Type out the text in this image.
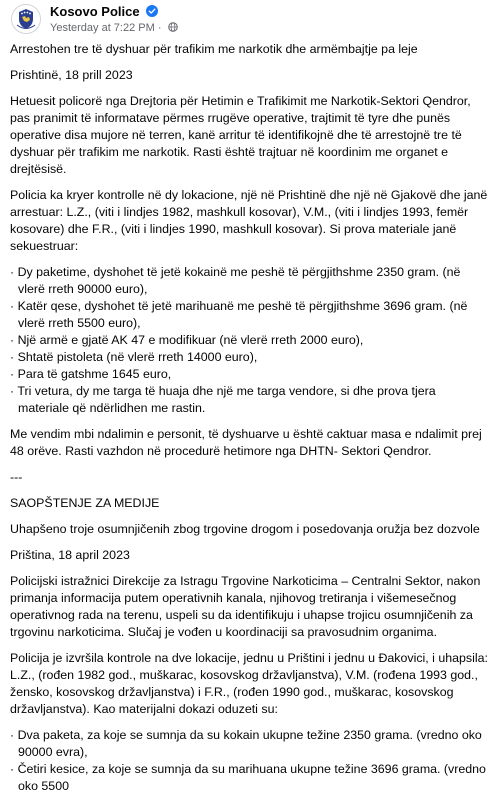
Kosovo Police
Yesterday at 7:22 PM ·

Arrestohen tre të dyshuar për trafikim me narkotik dhe armëmbajtje pa leje

Prishtinë, 18 prill 2023

Hetuesit policorë nga Drejtoria për Hetimin e Trafikimit me Narkotik-Sektori Qendror, pas pranimit të informatave përmes rrugëve operative, trajtimit të tyre dhe punës operative disa mujore në terren, kanë arritur të identifikojnë dhe të arrestojnë tre të dyshuar për trafikim me narkotik. Rasti është trajtuar në koordinim me organet e drejtësisë.

Policia ka kryer kontrolle në dy lokacione, një në Prishtinë dhe një në Gjakovë dhe janë arrestuar: L.Z., (viti i lindjes 1982, mashkull kosovar), V.M., (viti i lindjes 1993, femër kosovare) dhe F.R., (viti i lindjes 1990, mashkull kosovar). Si prova materiale janë sekuestruar:

· Dy paketime, dyshohet të jetë kokainë me peshë të përgjithshme 2350 gram. (në vlerë rreth 90000 euro),
· Katër qese, dyshohet të jetë marihuanë me peshë të përgjithshme 3696 gram. (në vlerë rreth 5500 euro),
· Një armë e gjatë AK 47 e modifikuar (në vlerë rreth 2000 euro),
· Shtatë pistoleta (në vlerë rreth 14000 euro),
· Para të gatshme 1645 euro,
· Tri vetura, dy me targa të huaja dhe një me targa vendore, si dhe prova tjera materiale që ndërlidhen me rastin.

Me vendim mbi ndalimin e personit, të dyshuarve u është caktuar masa e ndalimit prej 48 orëve. Rasti vazhdon në procedurë hetimore nga DHTN- Sektori Qendror.

---

SAOPŠTENJE ZA MEDIJE

Uhapšeno troje osumnjičenih zbog trgovine drogom i posedovanja oružja bez dozvole

Priština, 18 april 2023

Policijski istražnici Direkcije za Istragu Trgovine Narkoticima – Centralni Sektor, nakon primanja informacija putem operativnih kanala, njihovog tretiranja i višemesečnog operativnog rada na terenu, uspeli su da identifikuju i uhapse trojicu osumnjičenih za trgovinu narkoticima. Slučaj je vođen u koordinaciji sa pravosudnim organima.

Policija je izvršila kontrole na dve lokacije, jednu u Prištini i jednu u Đakovici, i uhapsila: L.Z., (rođen 1982 god., muškarac, kosovskog državljanstva), V.M. (rođena 1993 god., žensko, kosovskog državljanstva) i F.R., (rođen 1990 god., muškarac, kosovskog državljanstva). Kao materijalni dokazi oduzeti su:

· Dva paketa, za koje se sumnja da su kokain ukupne težine 2350 grama. (vredno oko 90000 evra),
· Četiri kesice, za koje se sumnja da su marihuana ukupne težine 3696 grama. (vredno oko 5500
